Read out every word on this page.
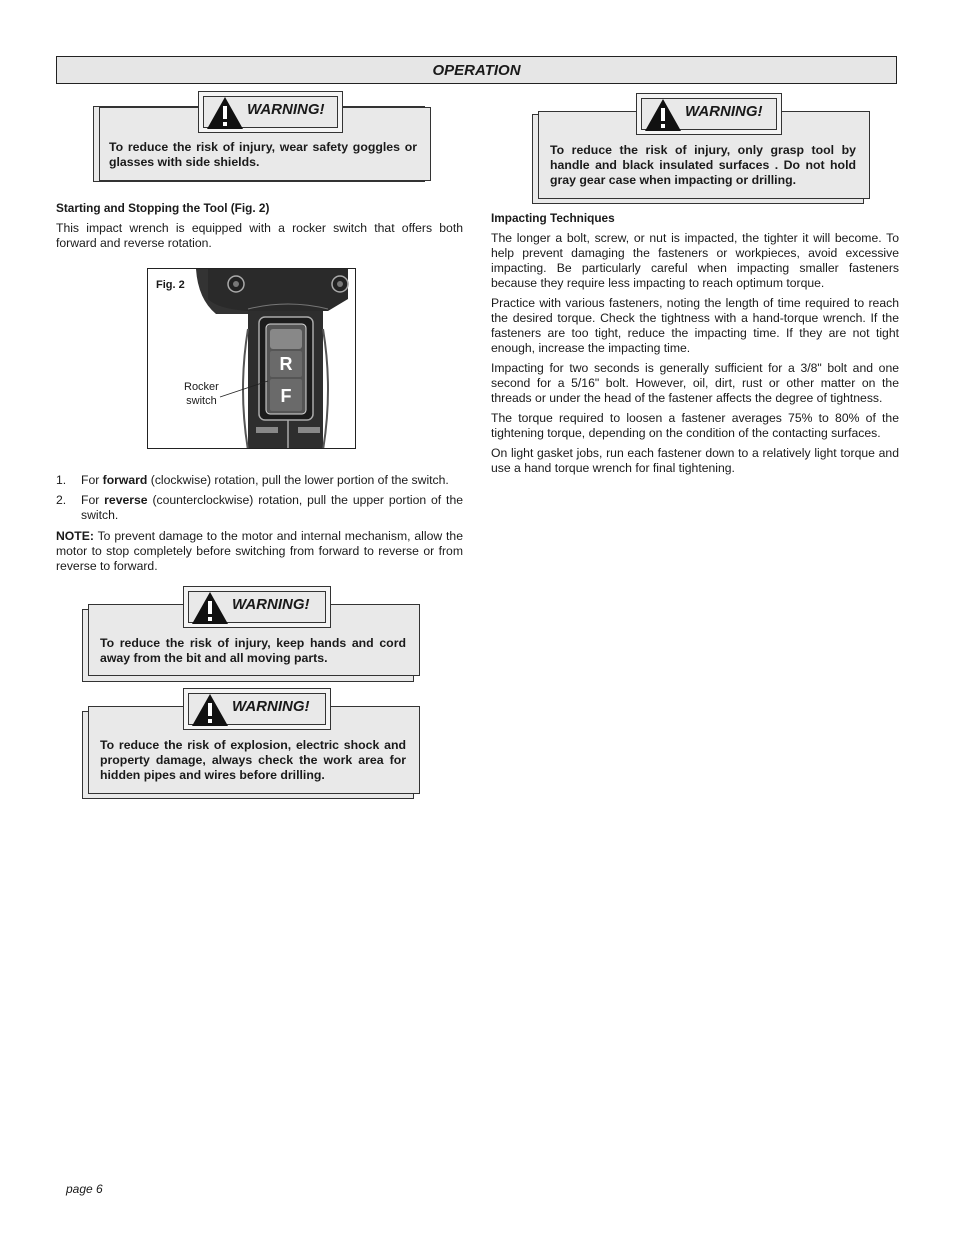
OPERATION
WARNING!
To reduce the risk of injury, wear safety goggles or glasses with side shields.
Starting and Stopping the Tool (Fig. 2)
This impact wrench is equipped with a rocker switch that offers both forward and reverse rotation.
R
F
Fig. 2
Rocker
switch
1. For forward (clockwise) rotation, pull the lower portion of the switch.
2. For reverse (counterclockwise) rotation, pull the upper portion of the switch.
NOTE: To prevent damage to the motor and internal mechanism, allow the motor to stop completely before switching from forward to reverse or from reverse to forward.
WARNING!
To reduce the risk of injury, keep hands and cord away from the bit and all moving parts.
WARNING!
To reduce the risk of explosion, electric shock and property damage, always check the work area for hidden pipes and wires before drilling.
WARNING!
To reduce the risk of injury, only grasp tool by handle and black insulated surfaces . Do not hold gray gear case when impacting or drilling.
Impacting Techniques
The longer a bolt, screw, or nut is impacted, the tighter it will become. To help prevent damaging the fasteners or workpieces, avoid excessive impacting. Be particularly careful when impacting smaller fasteners because they require less impacting to reach optimum torque.
Practice with various fasteners, noting the length of time required to reach the desired torque. Check the tightness with a hand-torque wrench. If the fasteners are too tight, reduce the impacting time. If they are not tight enough, increase the impacting time.
Impacting for two seconds is generally sufficient for a 3/8" bolt and one second for a 5/16" bolt. However, oil, dirt, rust or other matter on the threads or under the head of the fastener affects the degree of tightness.
The torque required to loosen a fastener averages 75% to 80% of the tightening torque, depending on the condition of the contacting surfaces.
On light gasket jobs, run each fastener down to a relatively light torque and use a hand torque wrench for final tightening.
page 6
